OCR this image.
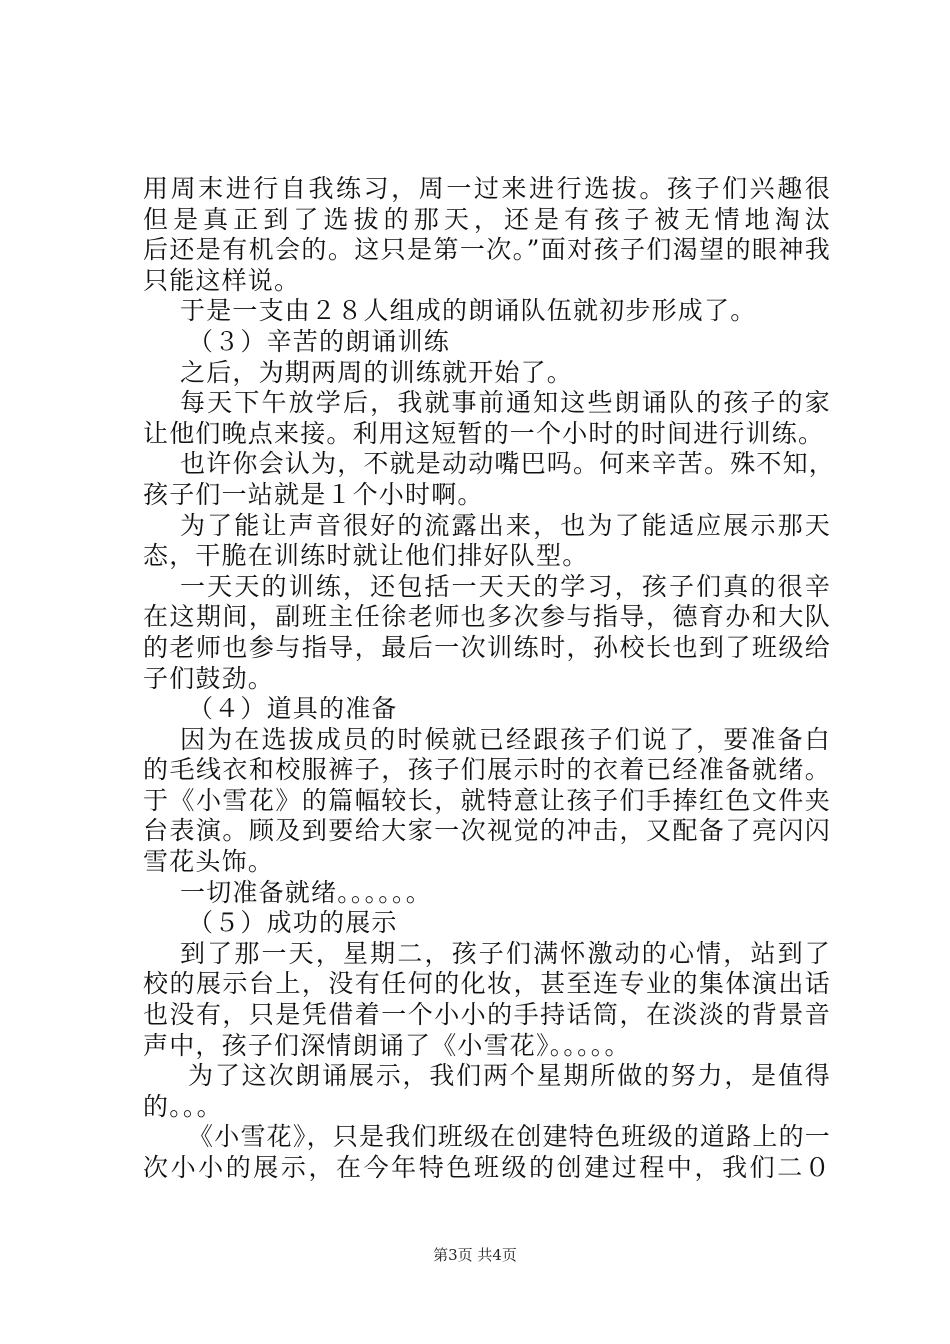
用周末进行自我练习，周一过来进行选拔。孩子们兴趣很
但是真正到了选拔的那天，还是有孩子被无情地淘汰
后还是有机会的。这只是第一次。”面对孩子们渴望的眼神我
只能这样说。
于是一支由２８人组成的朗诵队伍就初步形成了。
（３）辛苦的朗诵训练
之后，为期两周的训练就开始了。
每天下午放学后，我就事前通知这些朗诵队的孩子的家
让他们晚点来接。利用这短暂的一个小时的时间进行训练。
也许你会认为，不就是动动嘴巴吗。何来辛苦。殊不知，
孩子们一站就是１个小时啊。
为了能让声音很好的流露出来，也为了能适应展示那天
态，干脆在训练时就让他们排好队型。
一天天的训练，还包括一天天的学习，孩子们真的很辛
在这期间，副班主任徐老师也多次参与指导，德育办和大队
的老师也参与指导，最后一次训练时，孙校长也到了班级给
子们鼓劲。
（４）道具的准备
因为在选拔成员的时候就已经跟孩子们说了，要准备白
的毛线衣和校服裤子，孩子们展示时的衣着已经准备就绪。
于《小雪花》的篇幅较长，就特意让孩子们手捧红色文件夹
台表演。顾及到要给大家一次视觉的冲击，又配备了亮闪闪
雪花头饰。
一切准备就绪。。。。。。
（５）成功的展示
到了那一天，星期二，孩子们满怀激动的心情，站到了
校的展示台上，没有任何的化妆，甚至连专业的集体演出话
也没有，只是凭借着一个小小的手持话筒，在淡淡的背景音
声中，孩子们深情朗诵了《小雪花》。。。。。
为了这次朗诵展示，我们两个星期所做的努力，是值得
的。。。
《小雪花》，只是我们班级在创建特色班级的道路上的一
次小小的展示，在今年特色班级的创建过程中，我们二０
第3页 共4页
